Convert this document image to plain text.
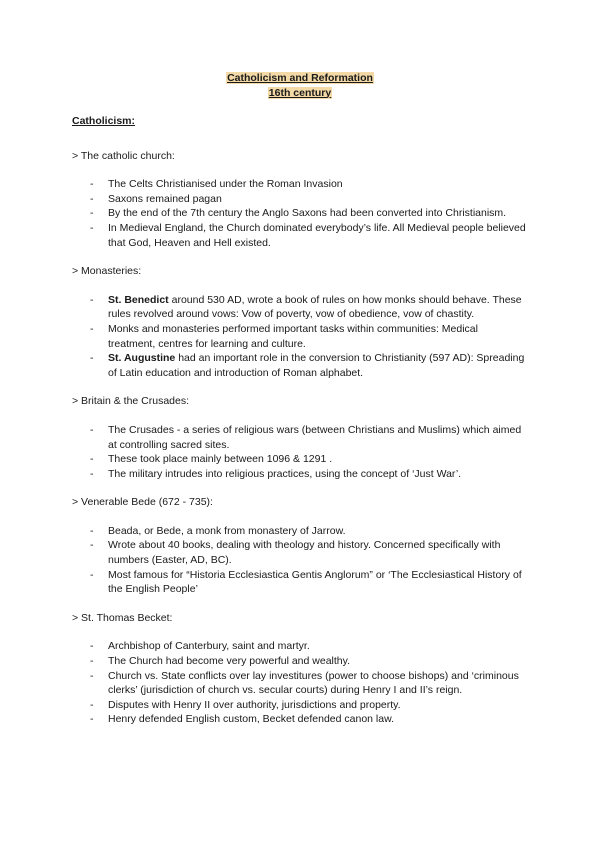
Catholicism and Reformation
16th century
Catholicism:
> The catholic church:
- The Celts Christianised under the Roman Invasion
- Saxons remained pagan
- By the end of the 7th century the Anglo Saxons had been converted into Christianism.
- In Medieval England, the Church dominated everybody’s life. All Medieval people believed that God, Heaven and Hell existed.
> Monasteries:
- St. Benedict around 530 AD, wrote a book of rules on how monks should behave. These rules revolved around vows: Vow of poverty, vow of obedience, vow of chastity.
- Monks and monasteries performed important tasks within communities: Medical treatment, centres for learning and culture.
- St. Augustine had an important role in the conversion to Christianity (597 AD): Spreading of Latin education and introduction of Roman alphabet.
> Britain & the Crusades:
- The Crusades - a series of religious wars (between Christians and Muslims) which aimed at controlling sacred sites.
- These took place mainly between 1096 & 1291 .
- The military intrudes into religious practices, using the concept of ‘Just War’.
> Venerable Bede (672 - 735):
- Beada, or Bede, a monk from monastery of Jarrow.
- Wrote about 40 books, dealing with theology and history. Concerned specifically with numbers (Easter, AD, BC).
- Most famous for “Historia Ecclesiastica Gentis Anglorum” or ‘The Ecclesiastical History of the English People’
> St. Thomas Becket:
- Archbishop of Canterbury, saint and martyr.
- The Church had become very powerful and wealthy.
- Church vs. State conflicts over lay investitures (power to choose bishops) and ‘criminous clerks’ (jurisdiction of church vs. secular courts) during Henry I and II’s reign.
- Disputes with Henry II over authority, jurisdictions and property.
- Henry defended English custom, Becket defended canon law.
